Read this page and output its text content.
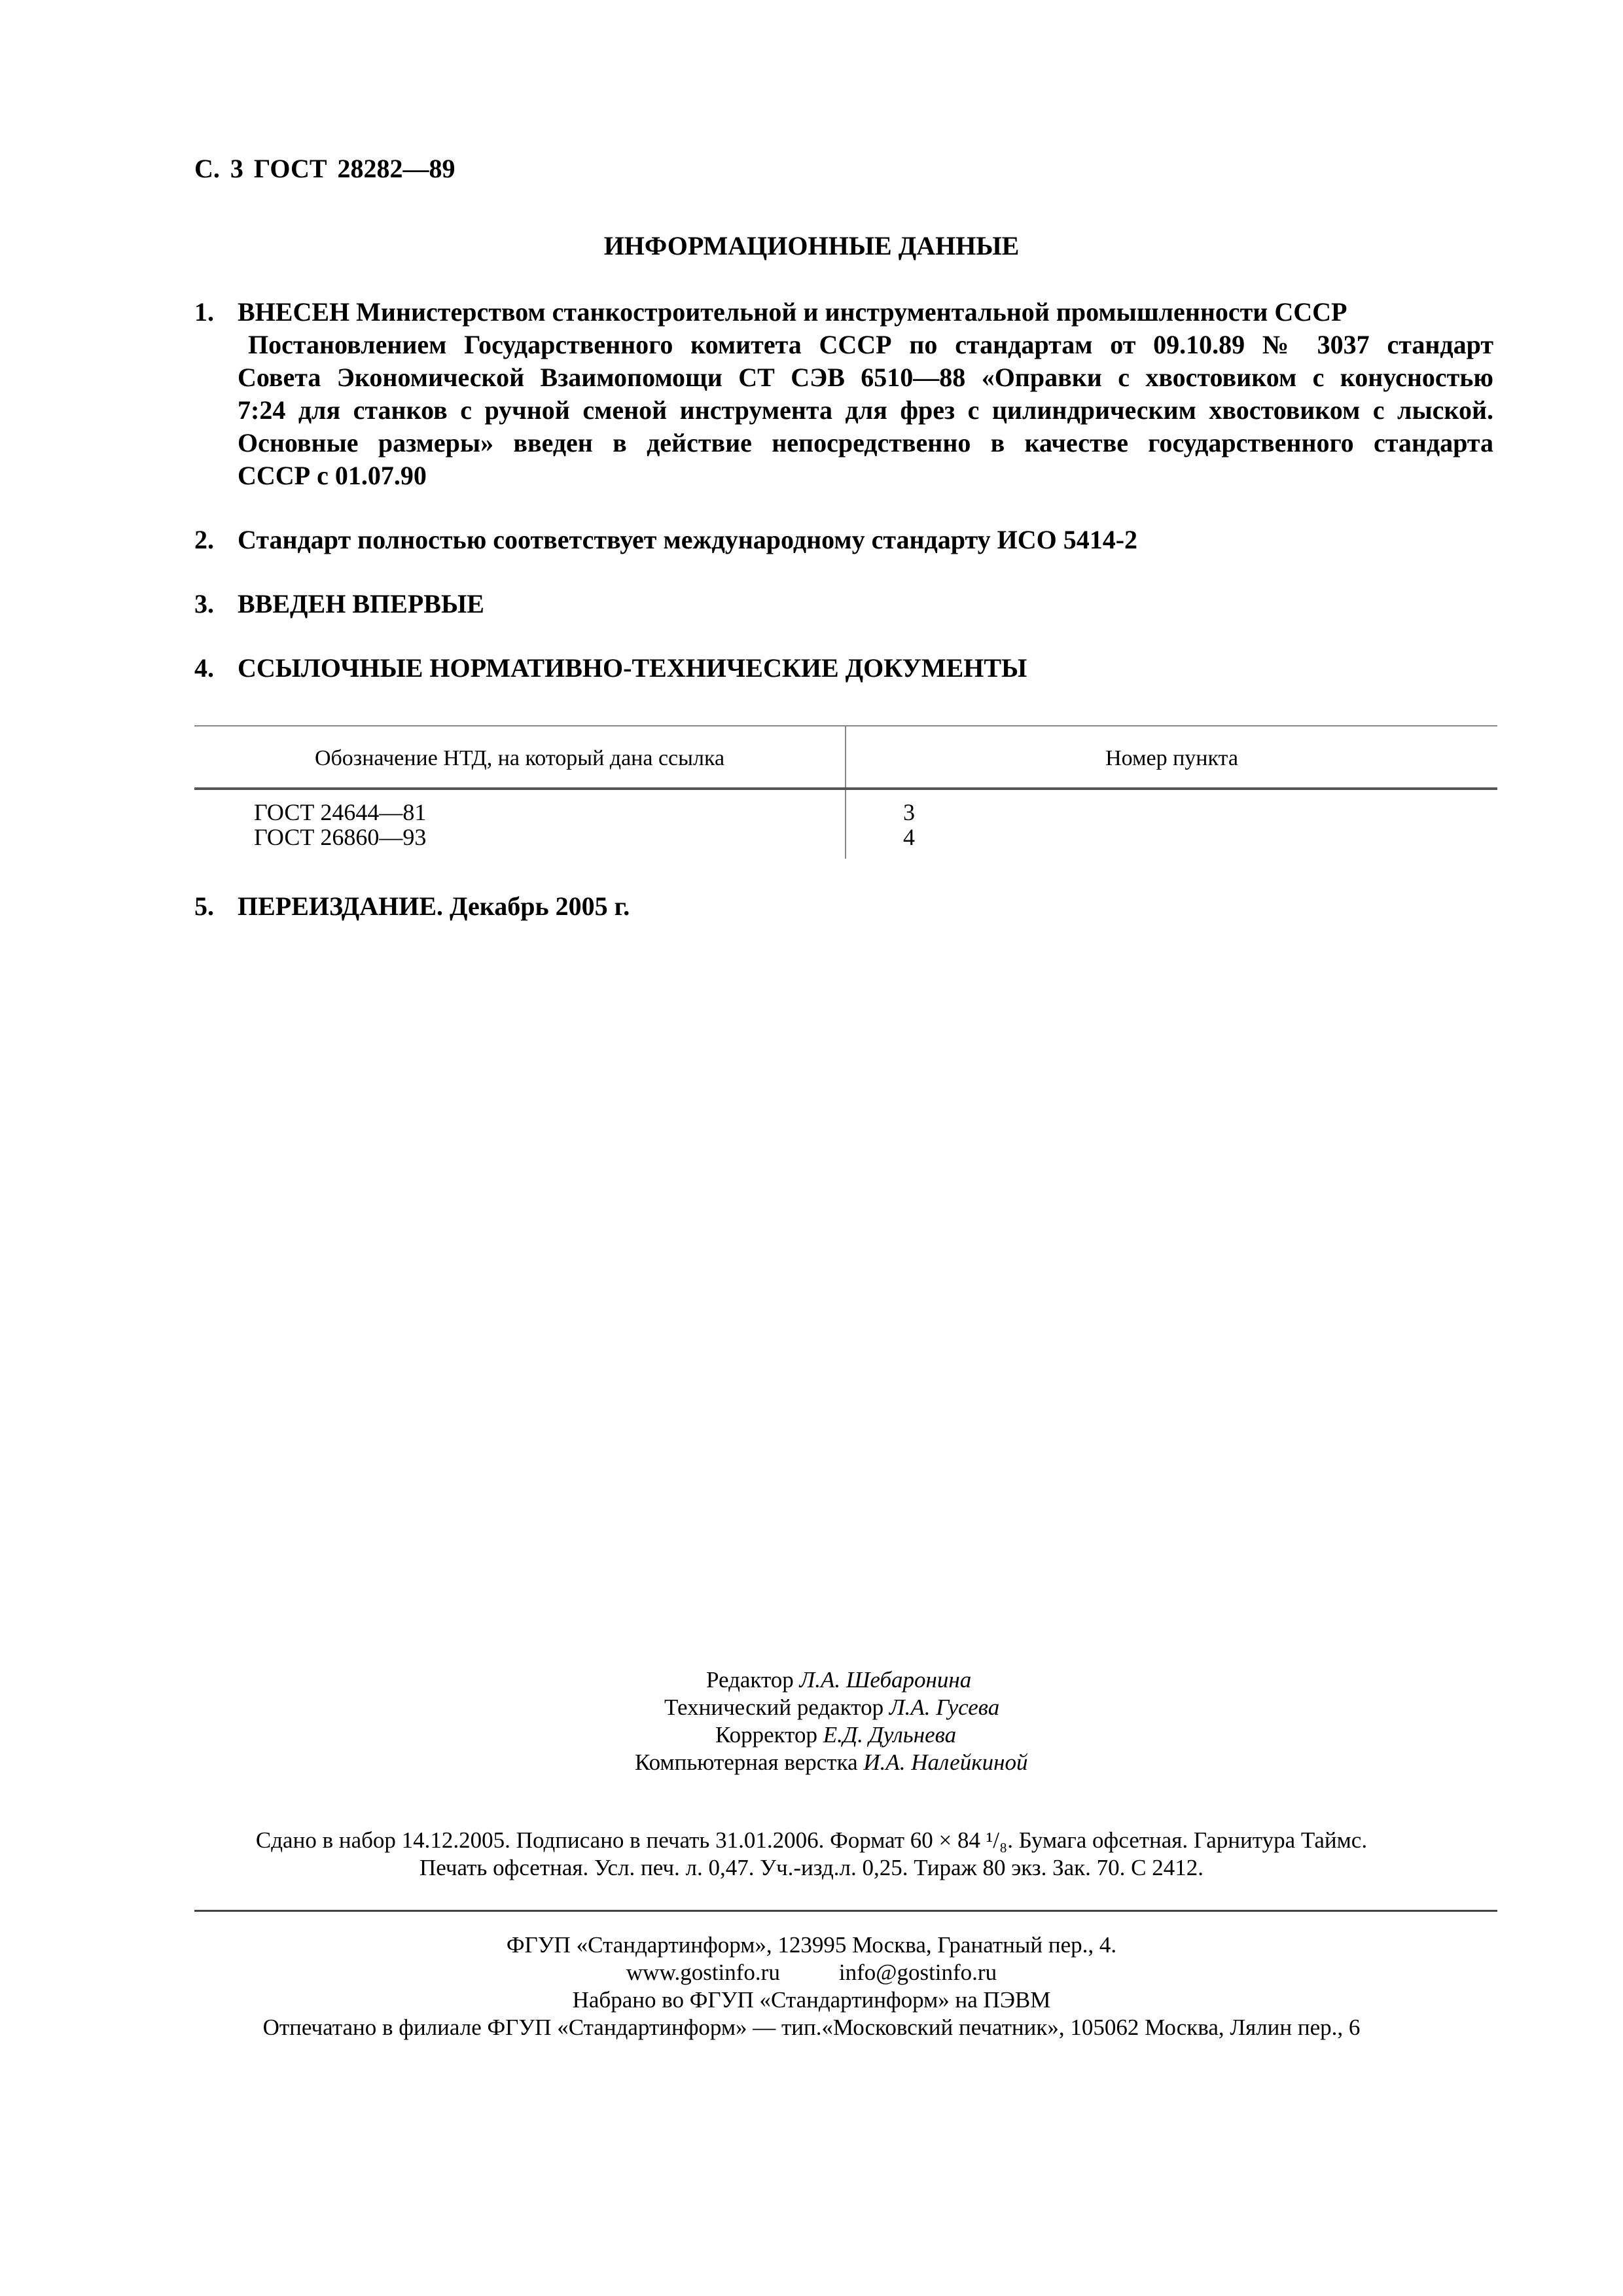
С. 3 ГОСТ 28282—89
ИНФОРМАЦИОННЫЕ ДАННЫЕ
1. ВНЕСЕН Министерством станкостроительной и инструментальной промышленности СССР
Постановлением Государственного комитета СССР по стандартам от 09.10.89 № 3037 стандарт
Совета Экономической Взаимопомощи СТ СЭВ 6510—88 «Оправки с хвостовиком с конусностью
7:24 для станков с ручной сменой инструмента для фрез с цилиндрическим хвостовиком с лыской.
Основные размеры» введен в действие непосредственно в качестве государственного стандарта
СССР с 01.07.90
2. Стандарт полностью соответствует международному стандарту ИСО 5414-2
3. ВВЕДЕН ВПЕРВЫЕ
4. ССЫЛОЧНЫЕ НОРМАТИВНО-ТЕХНИЧЕСКИЕ ДОКУМЕНТЫ
Обозначение НТД, на который дана ссылка	Номер пункта
ГОСТ 24644—81	3
ГОСТ 26860—93	4
5. ПЕРЕИЗДАНИЕ. Декабрь 2005 г.
Редактор Л.А. Шебаронина
Технический редактор Л.А. Гусева
Корректор Е.Д. Дульнева
Компьютерная верстка И.А. Налейкиной
Сдано в набор 14.12.2005. Подписано в печать 31.01.2006. Формат 60 × 84 ¹/₈. Бумага офсетная. Гарнитура Таймс.
Печать офсетная. Усл. печ. л. 0,47. Уч.-изд.л. 0,25. Тираж 80 экз. Зак. 70. С 2412.
ФГУП «Стандартинформ», 123995 Москва, Гранатный пер., 4.
www.gostinfo.ru	info@gostinfo.ru
Набрано во ФГУП «Стандартинформ» на ПЭВМ
Отпечатано в филиале ФГУП «Стандартинформ» — тип.«Московский печатник», 105062 Москва, Лялин пер., 6
